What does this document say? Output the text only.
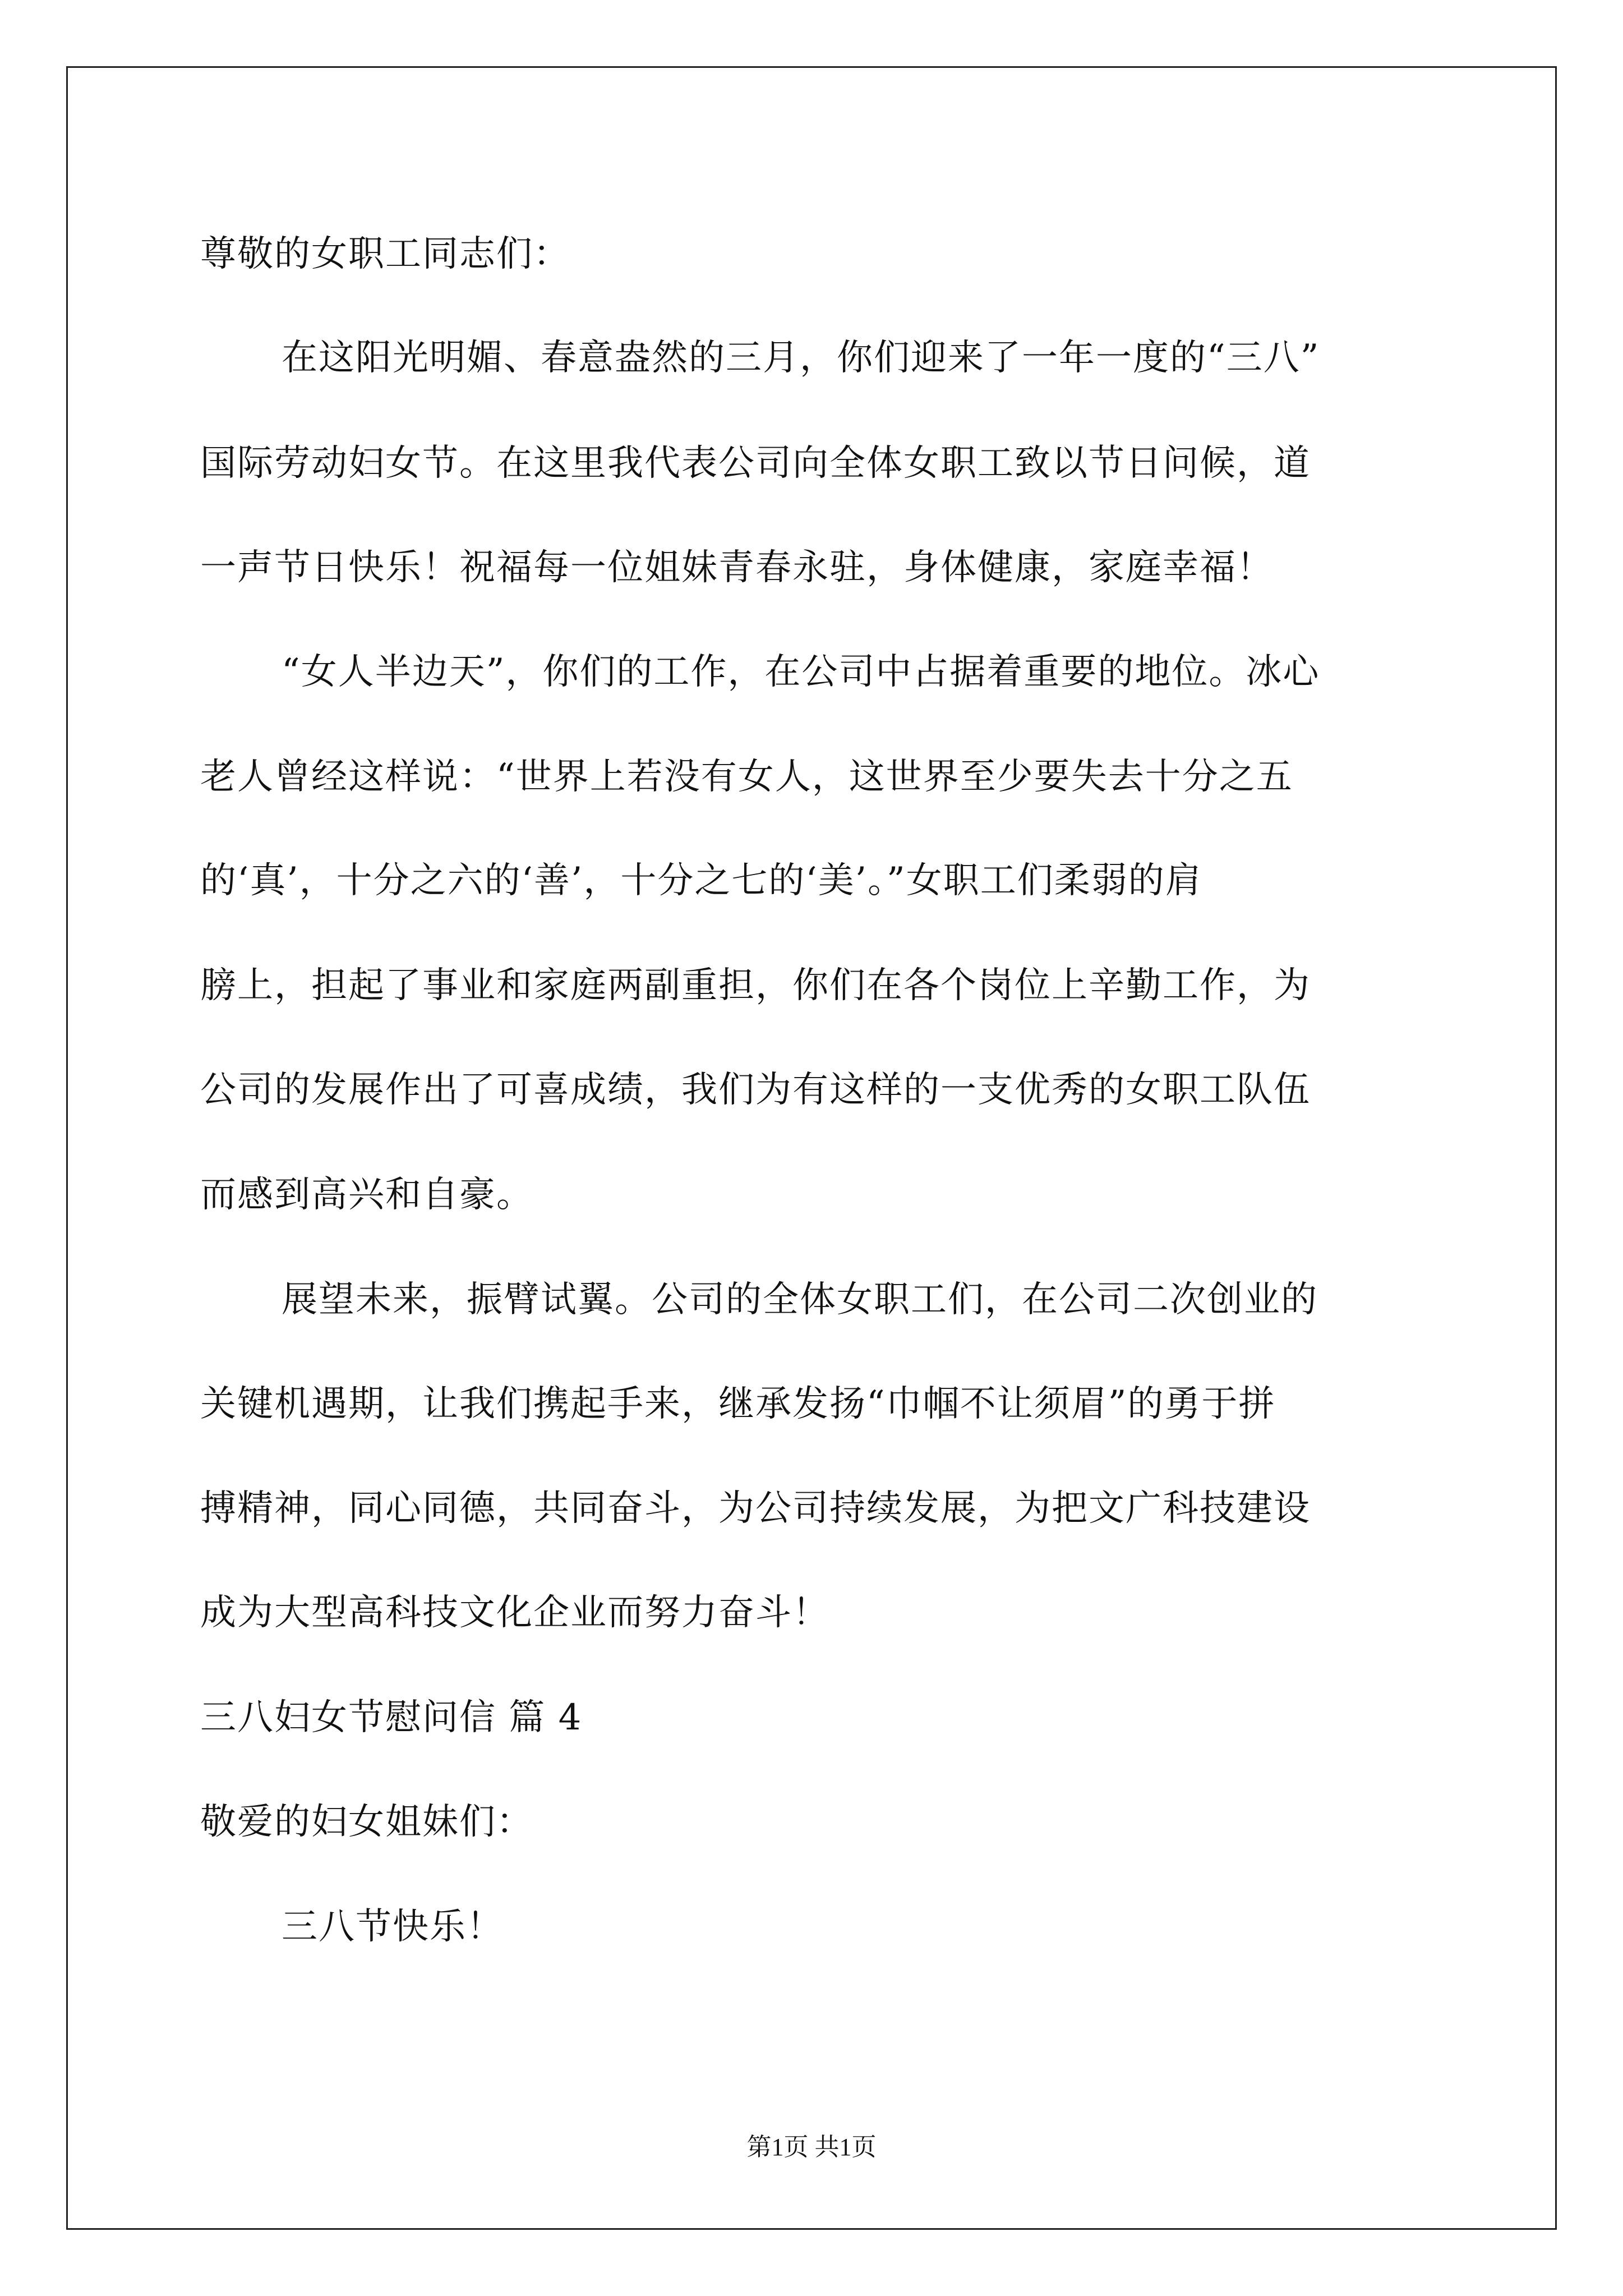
尊敬的女职工同志们：
在这阳光明媚、春意盎然的三月，你们迎来了一年一度的“三八”
国际劳动妇女节。在这里我代表公司向全体女职工致以节日问候，道
一声节日快乐！祝福每一位姐妹青春永驻，身体健康，家庭幸福！
“女人半边天”，你们的工作，在公司中占据着重要的地位。冰心
老人曾经这样说：“世界上若没有女人，这世界至少要失去十分之五
的‘真’，十分之六的‘善’，十分之七的‘美’。”女职工们柔弱的肩
膀上，担起了事业和家庭两副重担，你们在各个岗位上辛勤工作，为
公司的发展作出了可喜成绩，我们为有这样的一支优秀的女职工队伍
而感到高兴和自豪。
展望未来，振臂试翼。公司的全体女职工们，在公司二次创业的
关键机遇期，让我们携起手来，继承发扬“巾帼不让须眉”的勇于拼
搏精神，同心同德，共同奋斗，为公司持续发展，为把文广科技建设
成为大型高科技文化企业而努力奋斗！
三八妇女节慰问信 篇 4
敬爱的妇女姐妹们：
三八节快乐！
第1页 共1页
